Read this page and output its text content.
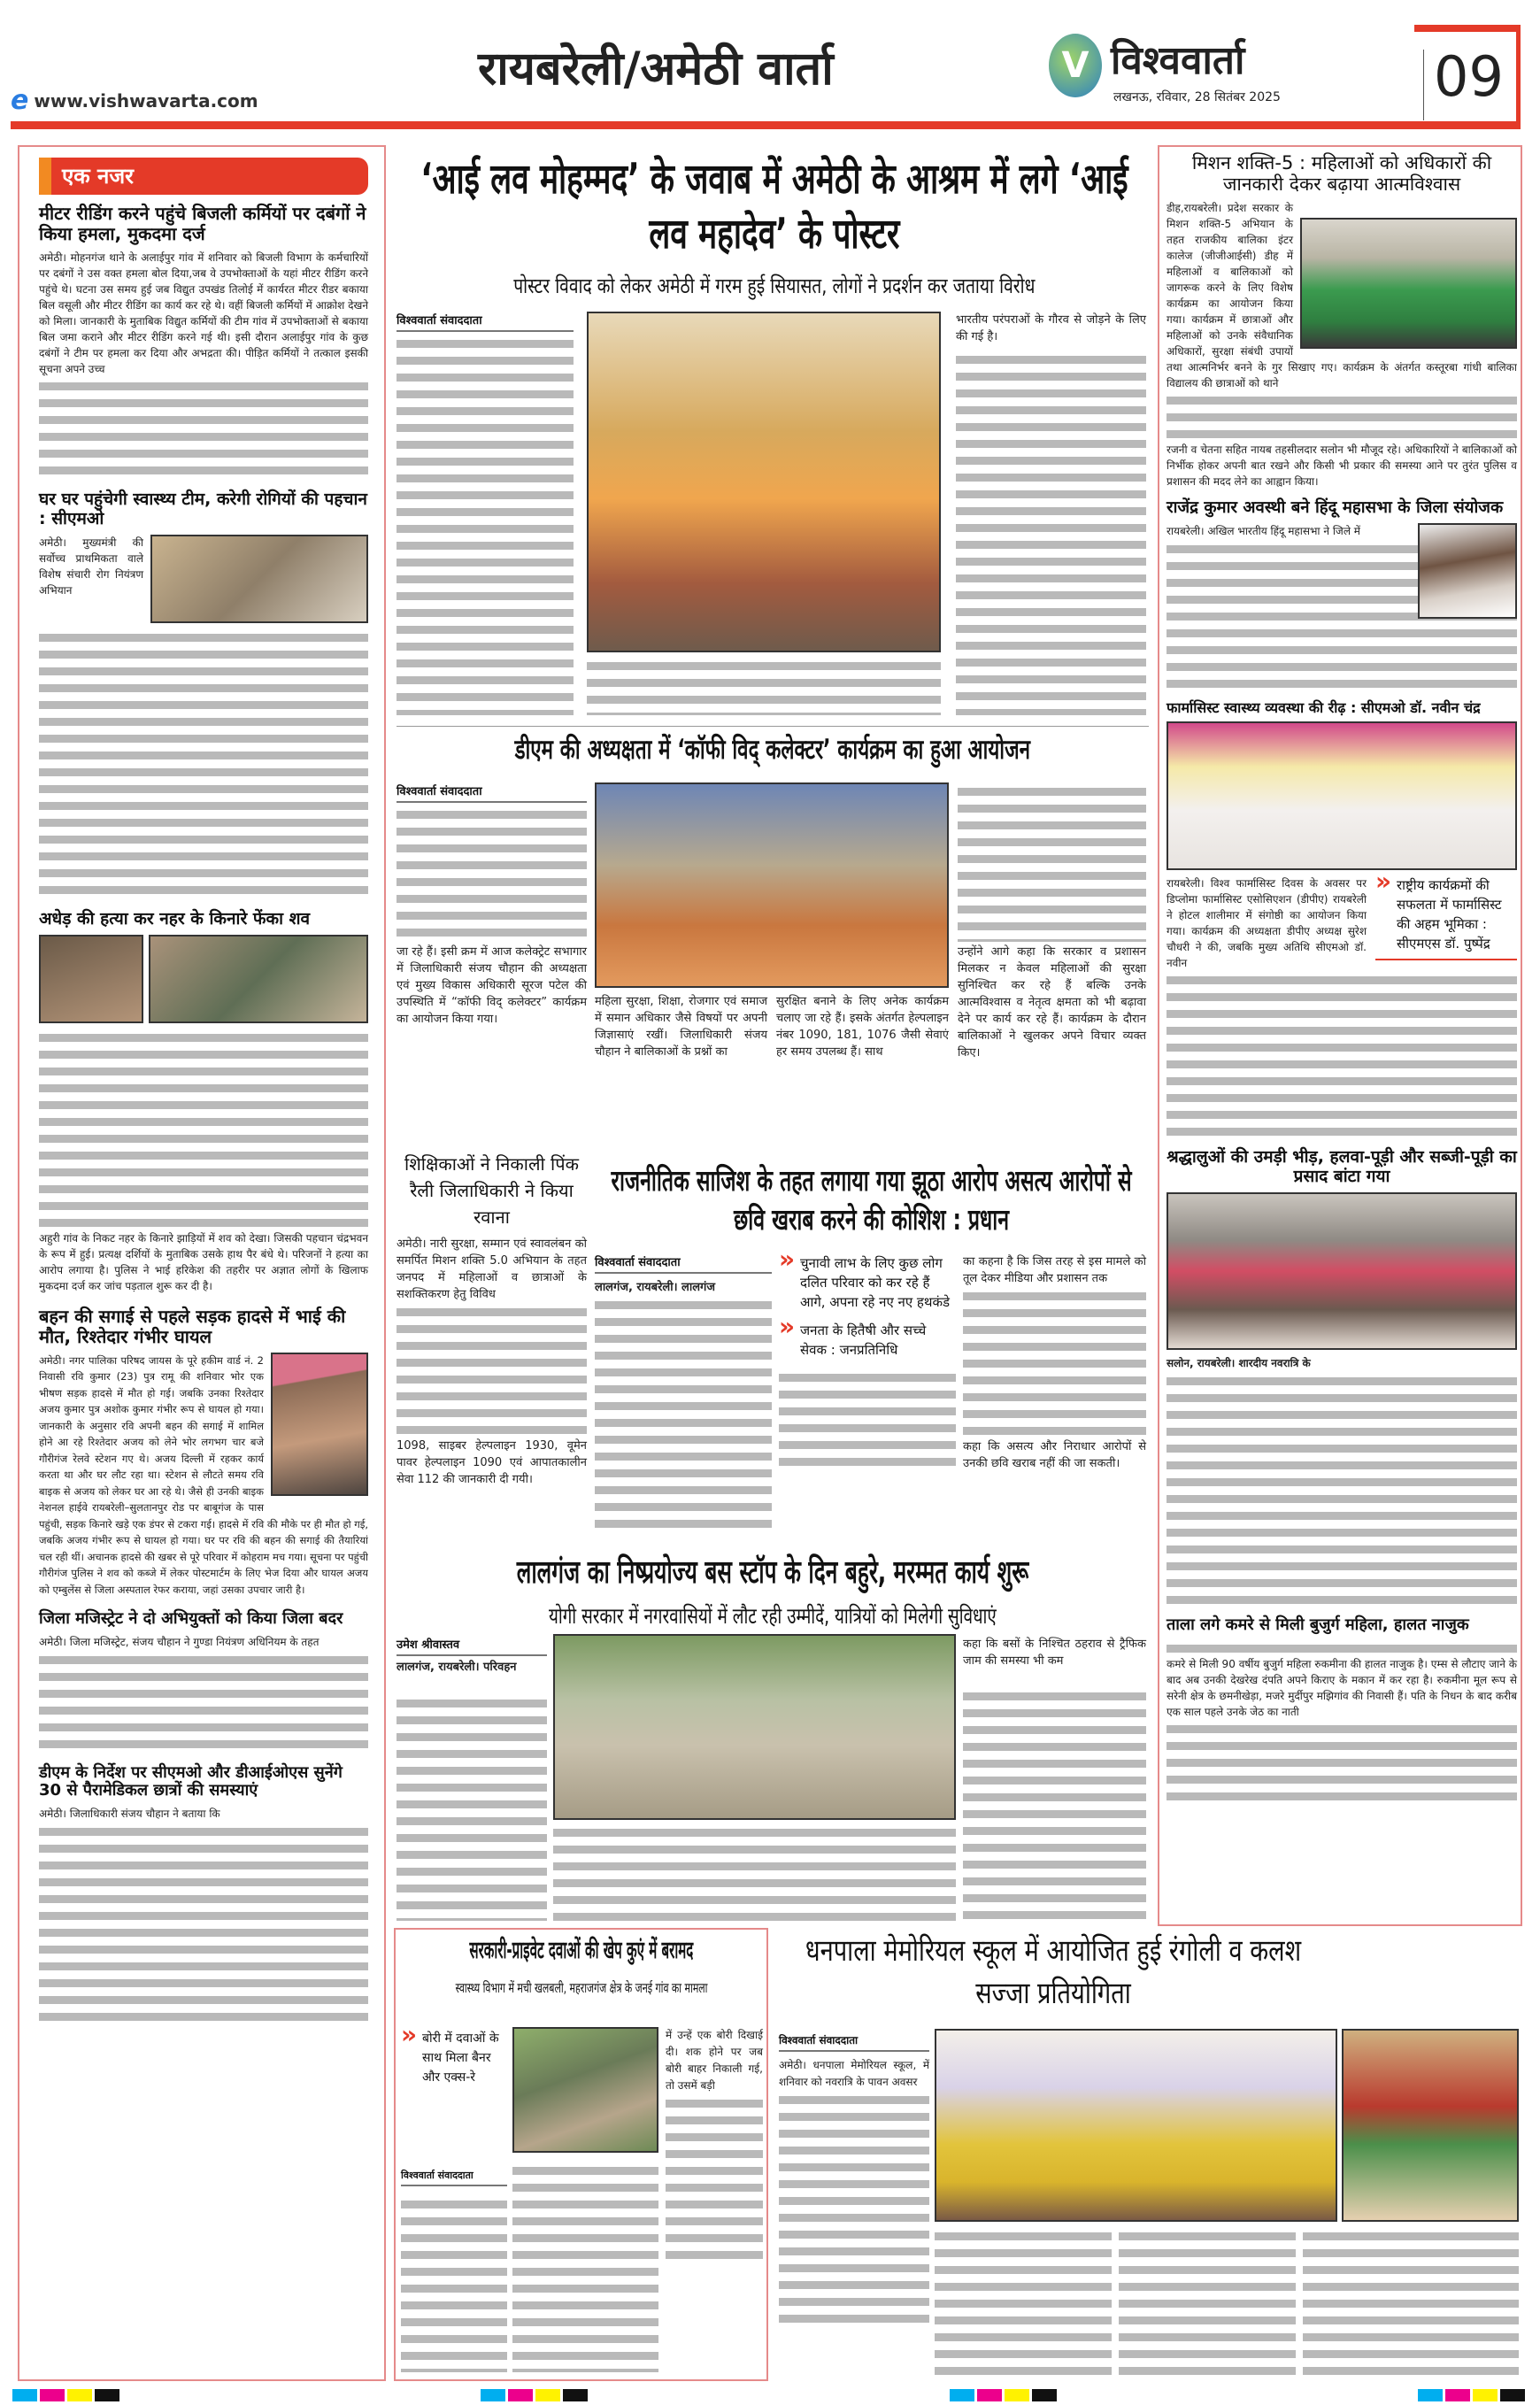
e www.vishwavarta.com
रायबरेली/अमेठी वार्ता	V विश्ववार्ता
लखनऊ, रविवार, 28 सितंबर 2025	09
एक नजर
मीटर रीडिंग करने पहुंचे बिजली कर्मियों पर दबंगों ने किया हमला, मुकदमा दर्ज
अमेठी। मोहनगंज थाने के अलाईपुर गांव में शनिवार को बिजली विभाग के कर्मचारियों पर दबंगों ने उस वक्त हमला बोल दिया,जब वे उपभोक्ताओं के यहां मीटर रीडिंग करने पहुंचे थे। घटना उस समय हुई जब विद्युत उपखंड तिलोई में कार्यरत मीटर रीडर बकाया बिल वसूली और मीटर रीडिंग का कार्य कर रहे थे। वहीं बिजली कर्मियों में आक्रोश देखने को मिला। जानकारी के मुताबिक विद्युत कर्मियों की टीम गांव में उपभोक्ताओं से बकाया बिल जमा कराने और मीटर रीडिंग करने गई थी। इसी दौरान अलाईपुर गांव के कुछ दबंगों ने टीम पर हमला कर दिया और अभद्रता की। पीड़ित कर्मियों ने तत्काल इसकी सूचना अपने उच्च
घर घर पहुंचेगी स्वास्थ्य टीम, करेगी रोगियों की पहचान : सीएमओ
अमेठी। मुख्यमंत्री की सर्वोच्च प्राथमिकता वाले विशेष संचारी रोग नियंत्रण अभियान
अधेड़ की हत्या कर नहर के किनारे फेंका शव
अहुरी गांव के निकट नहर के किनारे झाड़ियों में शव को देखा। जिसकी पहचान चंद्रभवन के रूप में हुई। प्रत्यक्ष दर्शियों के मुताबिक उसके हाथ पैर बंधे थे। परिजनों ने हत्या का आरोप लगाया है। पुलिस ने भाई हरिकेश की तहरीर पर अज्ञात लोगों के खिलाफ मुकदमा दर्ज कर जांच पड़ताल शुरू कर दी है।
बहन की सगाई से पहले सड़क हादसे में भाई की मौत, रिश्तेदार गंभीर घायल
अमेठी। नगर पालिका परिषद जायस के पूरे हकीम वार्ड नं. 2 निवासी रवि कुमार (23) पुत्र रामू की शनिवार भोर एक भीषण सड़क हादसे में मौत हो गई। जबकि उनका रिश्तेदार अजय कुमार पुत्र अशोक कुमार गंभीर रूप से घायल हो गया। जानकारी के अनुसार रवि अपनी बहन की सगाई में शामिल होने आ रहे रिश्तेदार अजय को लेने भोर लगभग चार बजे गौरीगंज रेलवे स्टेशन गए थे। अजय दिल्ली में रहकर कार्य करता था और घर लौट रहा था। स्टेशन से लौटते समय रवि बाइक से अजय को लेकर घर आ रहे थे। जैसे ही उनकी बाइक नेशनल हाईवे रायबरेली–सुलतानपुर रोड पर बाबूगंज के पास पहुंची, सड़क किनारे खड़े एक डंपर से टकरा गई। हादसे में रवि की मौके पर ही मौत हो गई, जबकि अजय गंभीर रूप से घायल हो गया। घर पर रवि की बहन की सगाई की तैयारियां चल रही थीं। अचानक हादसे की खबर से पूरे परिवार में कोहराम मच गया। सूचना पर पहुंची गौरीगंज पुलिस ने शव को कब्जे में लेकर पोस्टमार्टम के लिए भेज दिया और घायल अजय को एम्बुलेंस से जिला अस्पताल रेफर कराया, जहां उसका उपचार जारी है।
जिला मजिस्ट्रेट ने दो अभियुक्तों को किया जिला बदर
अमेठी। जिला मजिस्ट्रेट, संजय चौहान ने गुण्डा नियंत्रण अधिनियम के तहत
डीएम के निर्देश पर सीएमओ और डीआईओएस सुनेंगे 30 से पैरामेडिकल छात्रों की समस्याएं
अमेठी। जिलाधिकारी संजय चौहान ने बताया कि
‘आई लव मोहम्मद’ के जवाब में अमेठी के आश्रम में लगे ‘आई लव महादेव’ के पोस्टर
पोस्टर विवाद को लेकर अमेठी में गरम हुई सियासत, लोगों ने प्रदर्शन कर जताया विरोध
विश्ववार्ता संवाददाता	भारतीय परंपराओं के गौरव से जोड़ने के लिए की गई है।
डीएम की अध्यक्षता में ‘कॉफी विद् कलेक्टर’ कार्यक्रम का हुआ आयोजन
विश्ववार्ता संवाददाता
जा रहे हैं। इसी क्रम में आज कलेक्ट्रेट सभागार में जिलाधिकारी संजय चौहान की अध्यक्षता एवं मुख्य विकास अधिकारी सूरज पटेल की उपस्थिति में “कॉफी विद् कलेक्टर” कार्यक्रम का आयोजन किया गया।
महिला सुरक्षा, शिक्षा, रोजगार एवं समाज में समान अधिकार जैसे विषयों पर अपनी जिज्ञासाएं रखीं। जिलाधिकारी संजय चौहान ने बालिकाओं के प्रश्नों का
सुरक्षित बनाने के लिए अनेक कार्यक्रम चलाए जा रहे हैं। इसके अंतर्गत हेल्पलाइन नंबर 1090, 181, 1076 जैसी सेवाएं हर समय उपलब्ध हैं। साथ
उन्होंने आगे कहा कि सरकार व प्रशासन मिलकर न केवल महिलाओं की सुरक्षा सुनिश्चित कर रहे हैं बल्कि उनके आत्मविश्वास व नेतृत्व क्षमता को भी बढ़ावा देने पर कार्य कर रहे हैं। कार्यक्रम के दौरान बालिकाओं ने खुलकर अपने विचार व्यक्त किए।
शिक्षिकाओं ने निकाली पिंक रैली जिलाधिकारी ने किया रवाना
अमेठी। नारी सुरक्षा, सम्मान एवं स्वावलंबन को समर्पित मिशन शक्ति 5.0 अभियान के तहत जनपद में महिलाओं व छात्राओं के सशक्तिकरण हेतु विविध
1098, साइबर हेल्पलाइन 1930, वूमेन पावर हेल्पलाइन 1090 एवं आपातकालीन सेवा 112 की जानकारी दी गयी।
राजनीतिक साजिश के तहत लगाया गया झूठा आरोप असत्य आरोपों से छवि खराब करने की कोशिश : प्रधान
विश्ववार्ता संवाददाता
लालगंज, रायबरेली। लालगंज
» चुनावी लाभ के लिए कुछ लोग दलित परिवार को कर रहे हैं आगे, अपना रहे नए नए हथकंडे
» जनता के हितैषी और सच्चे सेवक : जनप्रतिनिधि
का कहना है कि जिस तरह से इस मामले को तूल देकर मीडिया और प्रशासन तक
कहा कि असत्य और निराधार आरोपों से उनकी छवि खराब नहीं की जा सकती।
लालगंज का निष्प्रयोज्य बस स्टॉप के दिन बहुरे, मरम्मत कार्य शुरू
योगी सरकार में नगरवासियों में लौट रही उम्मीदें, यात्रियों को मिलेगी सुविधाएं
उमेश श्रीवास्तव
लालगंज, रायबरेली। परिवहन
कहा कि बसों के निश्चित ठहराव से ट्रैफिक जाम की समस्या भी कम
सरकारी-प्राइवेट दवाओं की खेप कुएं में बरामद
स्वास्थ्य विभाग में मची खलबली, महराजगंज क्षेत्र के जनई गांव का मामला
» बोरी में दवाओं के साथ मिला बैनर और एक्स-रे
में उन्हें एक बोरी दिखाई दी। शक होने पर जब बोरी बाहर निकाली गई, तो उसमें बड़ी
विश्ववार्ता संवाददाता
धनपाला मेमोरियल स्कूल में आयोजित हुई रंगोली व कलश सज्जा प्रतियोगिता
विश्ववार्ता संवाददाता
अमेठी। धनपाला मेमोरियल स्कूल, में शनिवार को नवरात्रि के पावन अवसर
मिशन शक्ति-5 : महिलाओं को अधिकारों की जानकारी देकर बढ़ाया आत्मविश्वास
डीह,रायबरेली। प्रदेश सरकार के मिशन शक्ति-5 अभियान के तहत राजकीय बालिका इंटर कालेज (जीजीआईसी) डीह में महिलाओं व बालिकाओं को जागरूक करने के लिए विशेष कार्यक्रम का आयोजन किया गया। कार्यक्रम में छात्राओं और महिलाओं को उनके संवैधानिक अधिकारों, सुरक्षा संबंधी उपायों तथा आत्मनिर्भर बनने के गुर सिखाए गए। कार्यक्रम के अंतर्गत कस्तूरबा गांधी बालिका विद्यालय की छात्राओं को थाने
रजनी व चेतना सहित नायब तहसीलदार सलोन भी मौजूद रहे। अधिकारियों ने बालिकाओं को निर्भीक होकर अपनी बात रखने और किसी भी प्रकार की समस्या आने पर तुरंत पुलिस व प्रशासन की मदद लेने का आह्वान किया।
राजेंद्र कुमार अवस्थी बने हिंदू महासभा के जिला संयोजक
रायबरेली। अखिल भारतीय हिंदू महासभा ने जिले में
फार्मासिस्ट स्वास्थ्य व्यवस्था की रीढ़ : सीएमओ डॉ. नवीन चंद्र
रायबरेली। विश्व फार्मासिस्ट दिवस के अवसर पर डिप्लोमा फार्मासिस्ट एसोसिएशन (डीपीए) रायबरेली ने होटल शालीमार में संगोष्ठी का आयोजन किया गया। कार्यक्रम की अध्यक्षता डीपीए अध्यक्ष सुरेश चौधरी ने की, जबकि मुख्य अतिथि सीएमओ डॉ. नवीन
» राष्ट्रीय कार्यक्रमों की सफलता में फार्मासिस्ट की अहम भूमिका : सीएमएस डॉ. पुष्पेंद्र
श्रद्धालुओं की उमड़ी भीड़, हलवा-पूड़ी और सब्जी-पूड़ी का प्रसाद बांटा गया
सलोन, रायबरेली। शारदीय नवरात्रि के
ताला लगे कमरे से मिली बुजुर्ग महिला, हालत नाजुक
कमरे से मिली 90 वर्षीय बुजुर्ग महिला रुकमीना की हालत नाजुक है। एम्स से लौटाए जाने के बाद अब उनकी देखरेख दंपति अपने किराए के मकान में कर रहा है। रुकमीना मूल रूप से सरेनी क्षेत्र के छमनीखेड़ा, मजरे मुर्दीपुर मझिगांव की निवासी हैं। पति के निधन के बाद करीब एक साल पहले उनके जेठ का नाती
